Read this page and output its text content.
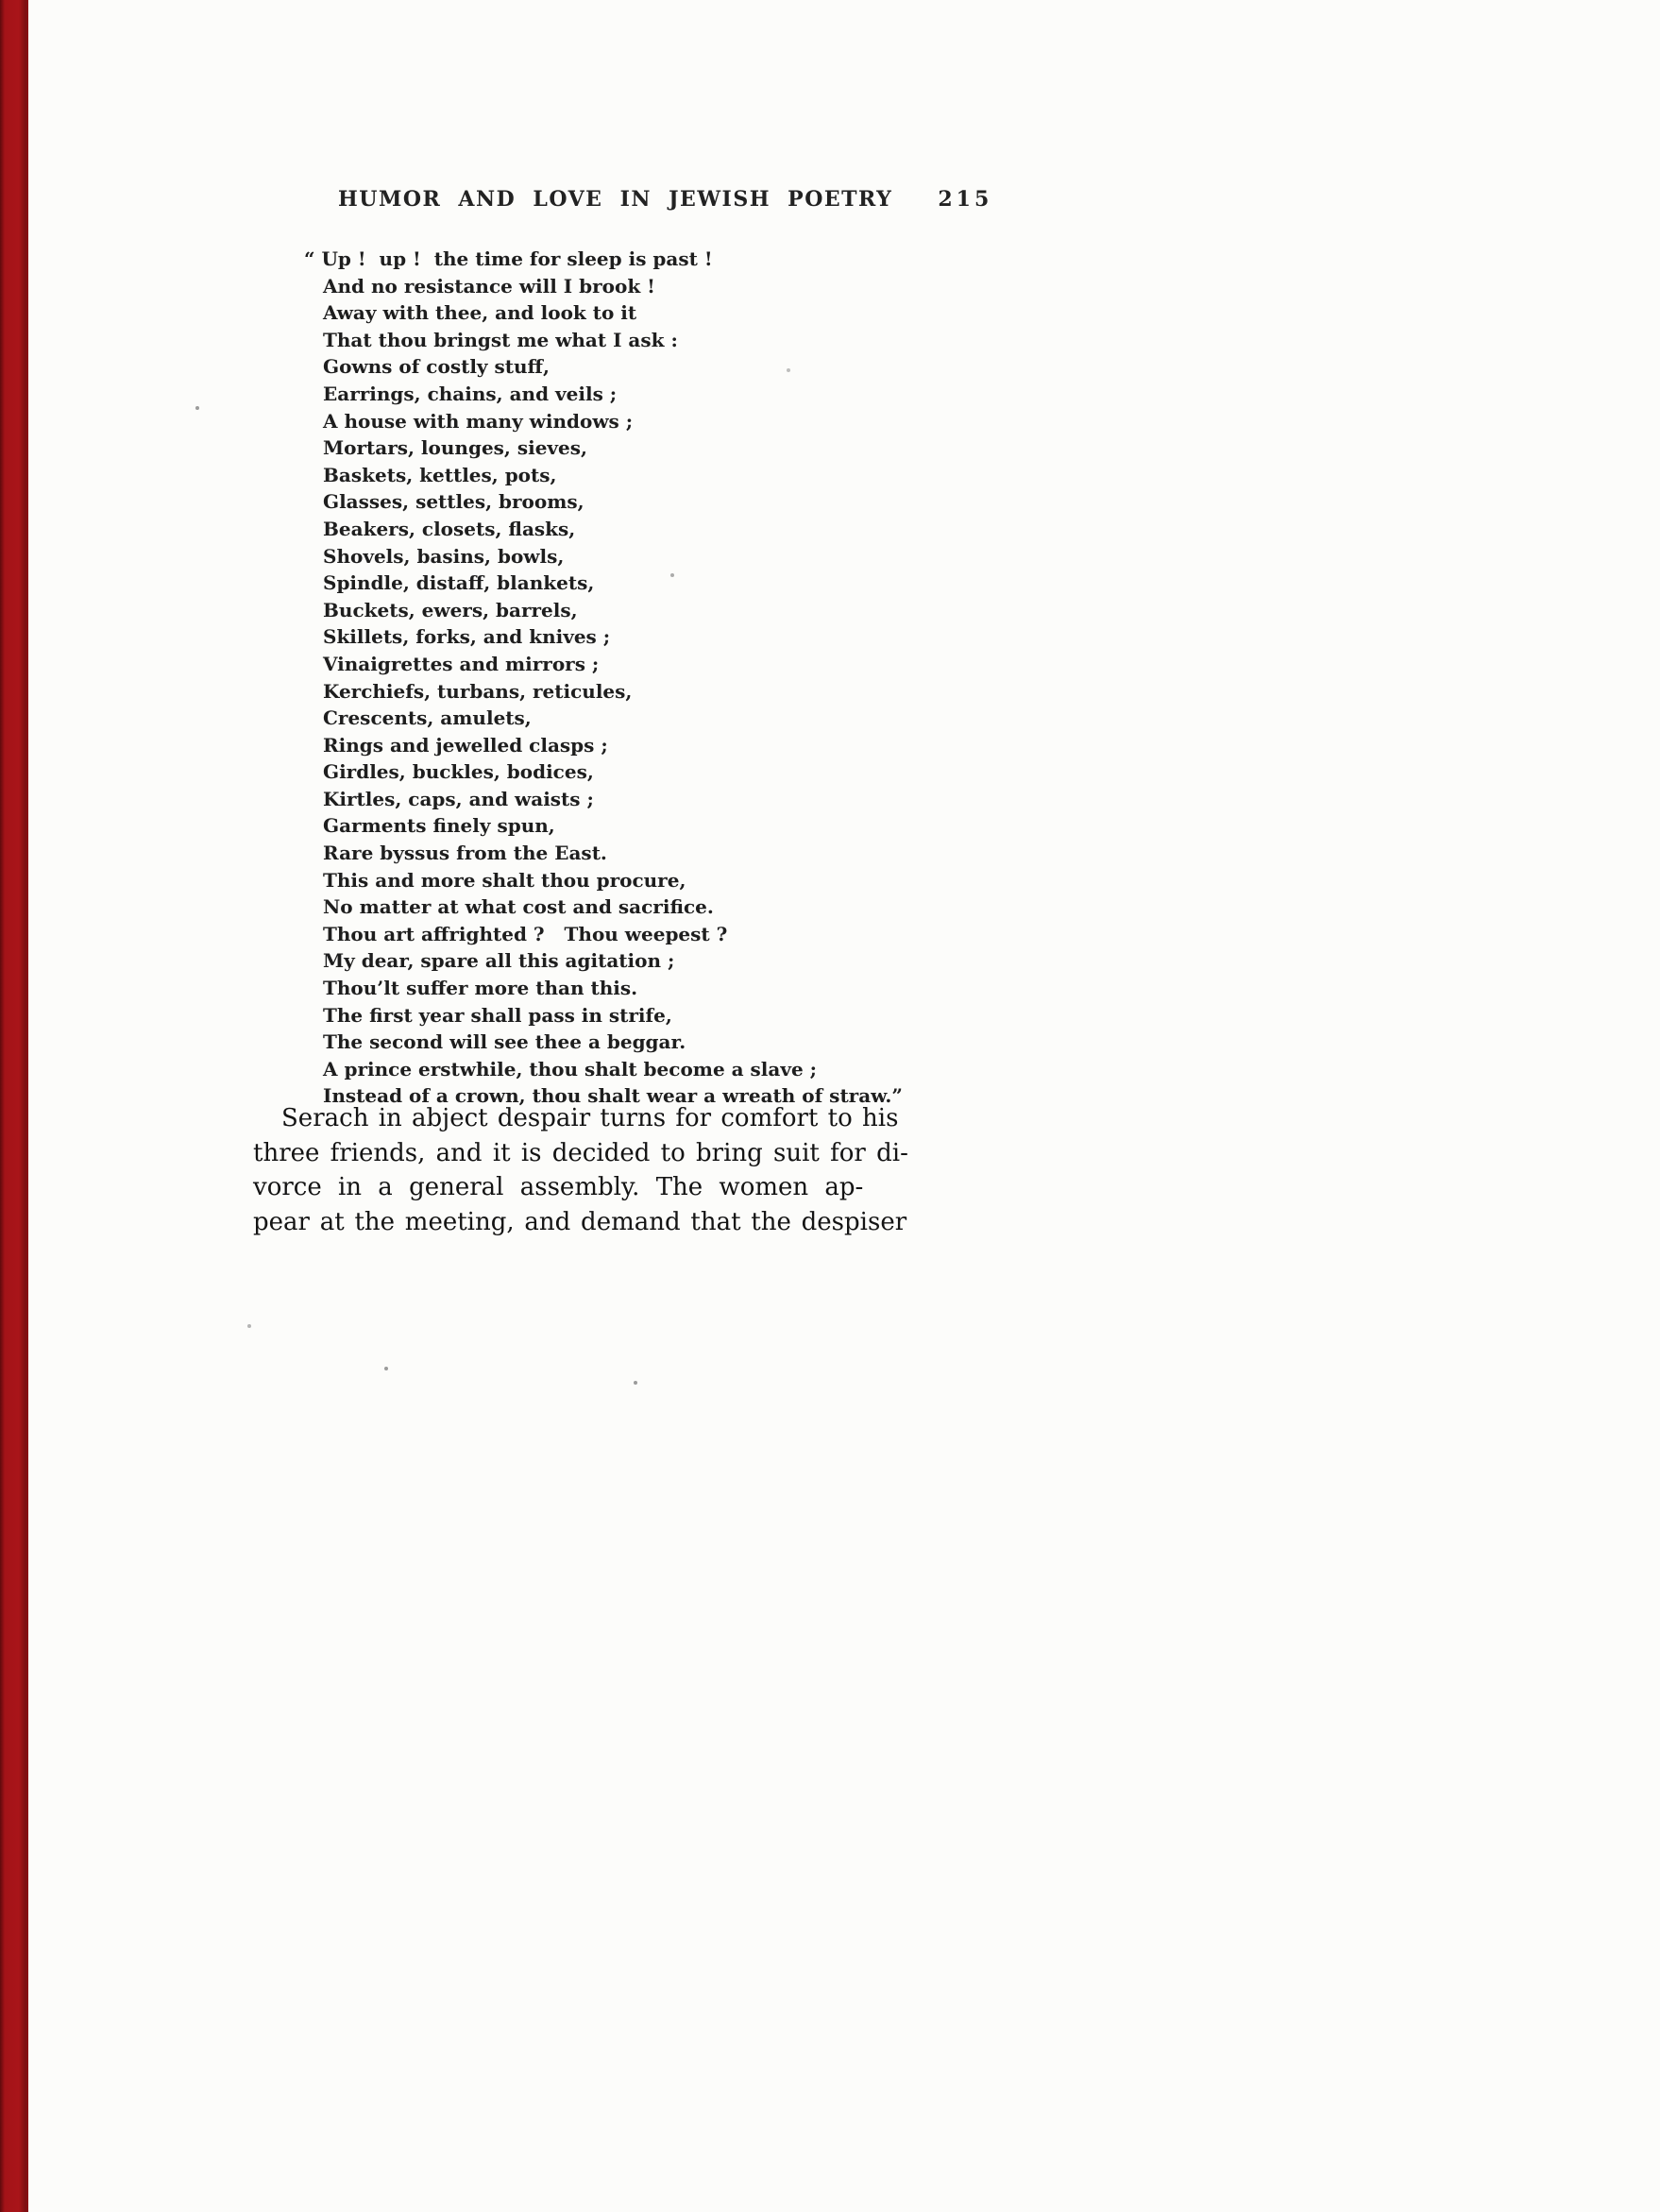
HUMOR AND LOVE IN JEWISH POETRY 215
“ Up !  up !  the time for sleep is past !
And no resistance will I brook !
Away with thee, and look to it
That thou bringst me what I ask :
Gowns of costly stuff,
Earrings, chains, and veils ;
A house with many windows ;
Mortars, lounges, sieves,
Baskets, kettles, pots,
Glasses, settles, brooms,
Beakers, closets, flasks,
Shovels, basins, bowls,
Spindle, distaff, blankets,
Buckets, ewers, barrels,
Skillets, forks, and knives ;
Vinaigrettes and mirrors ;
Kerchiefs, turbans, reticules,
Crescents, amulets,
Rings and jewelled clasps ;
Girdles, buckles, bodices,
Kirtles, caps, and waists ;
Garments finely spun,
Rare byssus from the East.
This and more shalt thou procure,
No matter at what cost and sacrifice.
Thou art affrighted ?   Thou weepest ?
My dear, spare all this agitation ;
Thou’lt suffer more than this.
The first year shall pass in strife,
The second will see thee a beggar.
A prince erstwhile, thou shalt become a slave ;
Instead of a crown, thou shalt wear a wreath of straw.”
Serach in abject despair turns for comfort to his
three friends, and it is decided to bring suit for di-
vorce in a general assembly. The women ap-
pear at the meeting, and demand that the despiser
